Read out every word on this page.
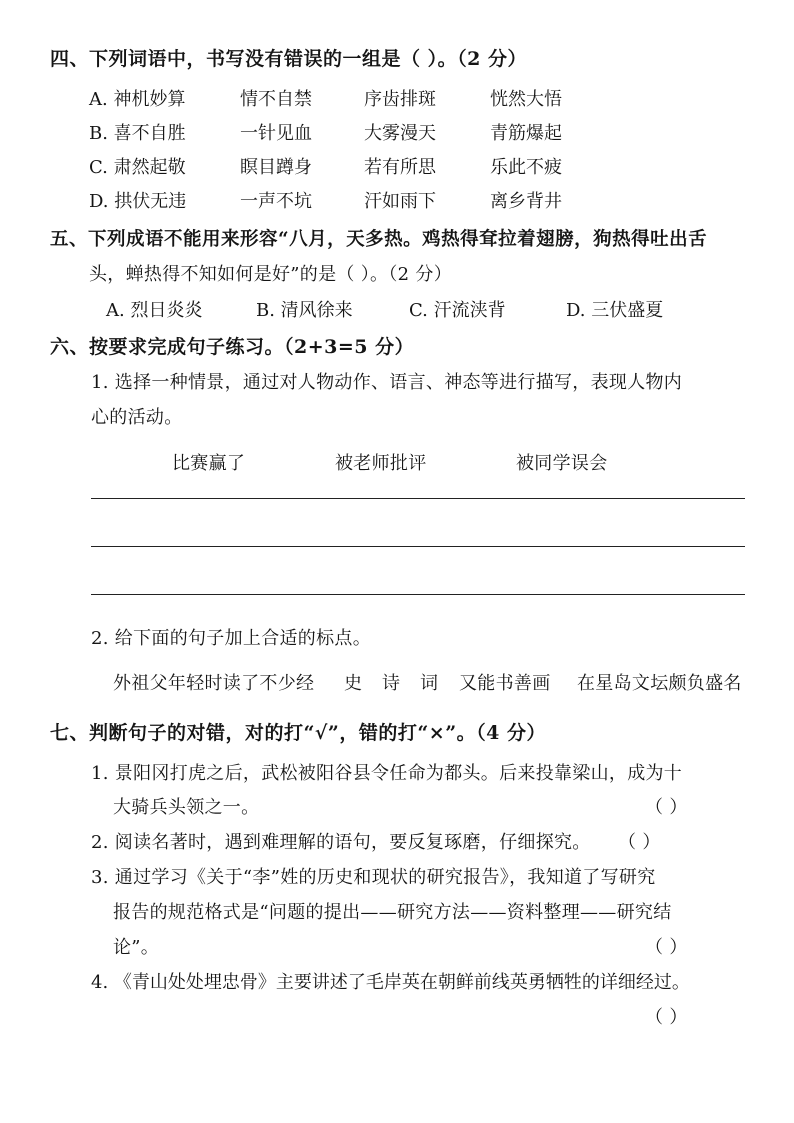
四、下列词语中，书写没有错误的一组是（ ）。（2 分）
A. 神机妙算	情不自禁	序齿排斑	恍然大悟
B. 喜不自胜	一针见血	大雾漫天	青筋爆起
C. 肃然起敬	瞑目蹲身	若有所思	乐此不疲
D. 拱伏无违	一声不坑	汗如雨下	离乡背井
五、下列成语不能用来形容“八月，天多热。鸡热得耷拉着翅膀，狗热得吐出舌
头，蝉热得不知如何是好”的是（ ）。（2 分）
A. 烈日炎炎	B. 清风徐来	C. 汗流浃背	D. 三伏盛夏
六、按要求完成句子练习。（2+3=5 分）
1. 选择一种情景，通过对人物动作、语言、神态等进行描写，表现人物内
心的活动。
比赛赢了	被老师批评	被同学误会
2. 给下面的句子加上合适的标点。
外祖父年轻时读了不少经 史 诗 词 又能书善画 在星岛文坛颇负盛名
七、判断句子的对错，对的打“√”，错的打“×”。（4 分）
1. 景阳冈打虎之后，武松被阳谷县令任命为都头。后来投靠梁山，成为十
大骑兵头领之一。	（ ）
2. 阅读名著时，遇到难理解的语句，要反复琢磨，仔细探究。 （ ）
3. 通过学习《关于“李”姓的历史和现状的研究报告》，我知道了写研究
报告的规范格式是“问题的提出——研究方法——资料整理——研究结
论”。	（ ）
4. 《青山处处埋忠骨》主要讲述了毛岸英在朝鲜前线英勇牺牲的详细经过。
（ ）
